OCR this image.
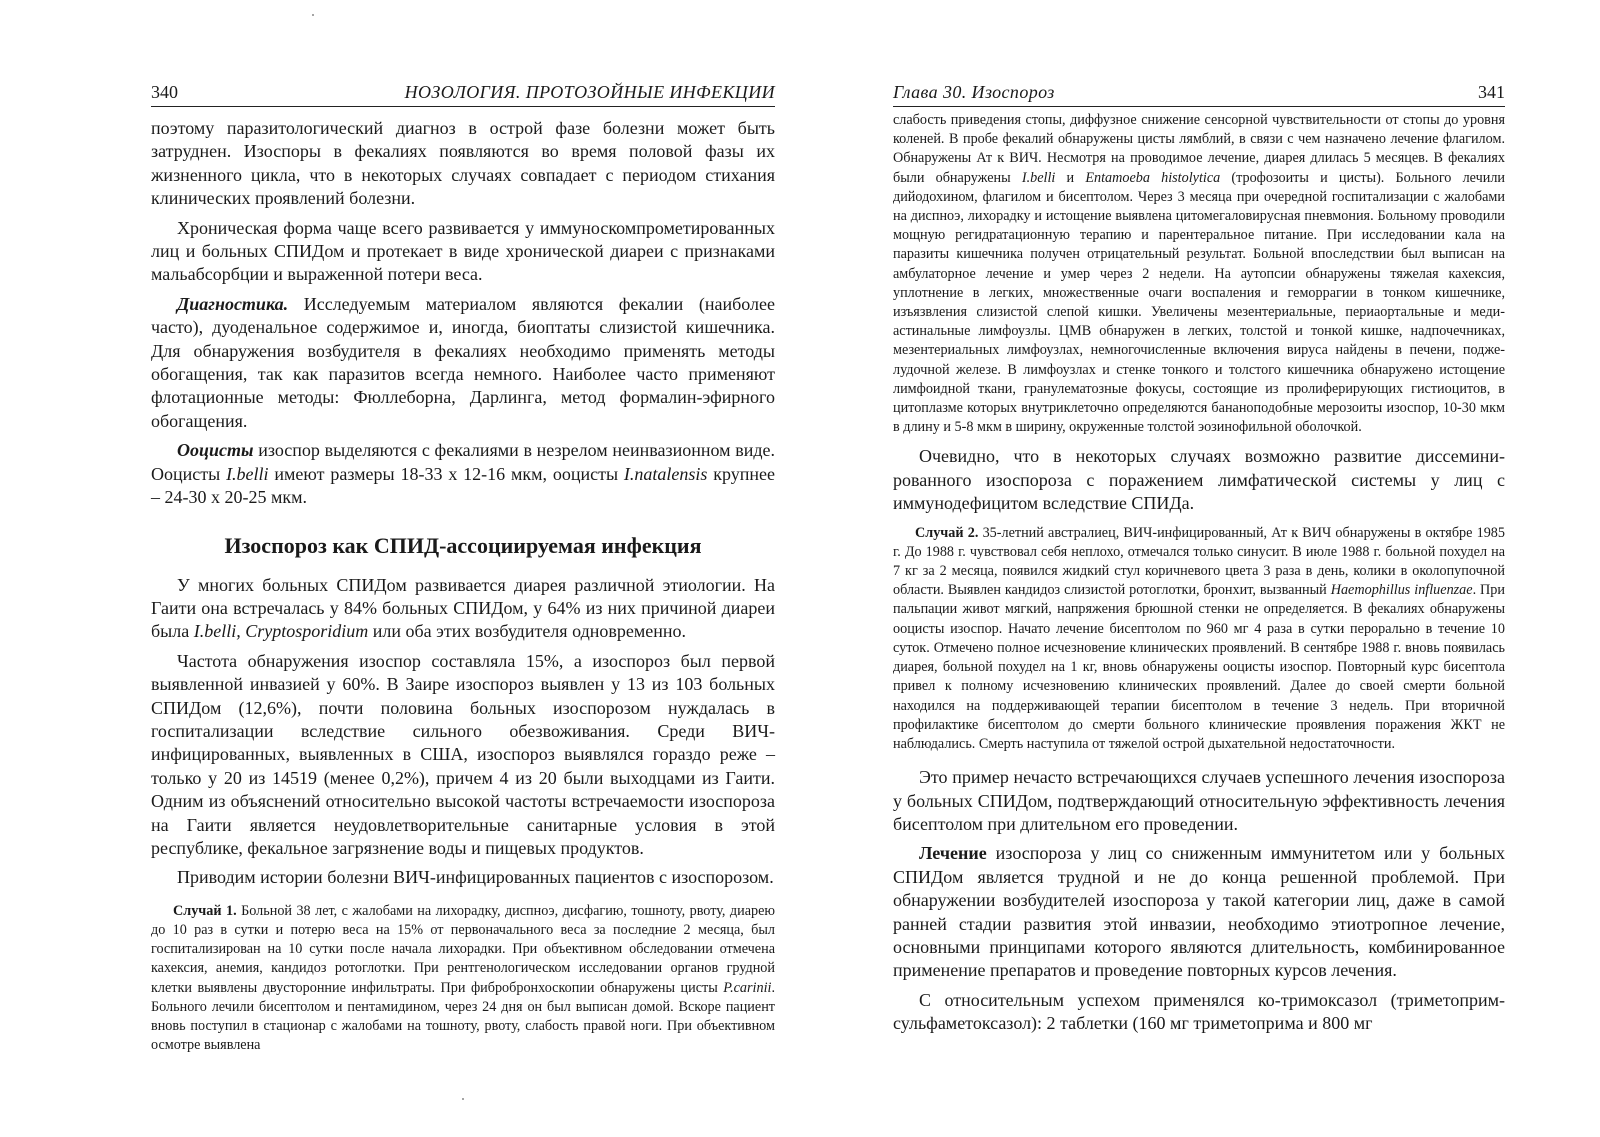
340	НОЗОЛОГИЯ. ПРОТОЗОЙНЫЕ ИНФЕКЦИИ

поэтому паразитологический диагноз в острой фазе болезни может быть затруднен. Изоспоры в фекалиях появляются во время половой фазы их жизненного цикла, что в некоторых случаях совпадает с периодом стихания клинических проявлений болезни.

Хроническая форма чаще всего развивается у иммуноскомпрометированных лиц и больных СПИДом и протекает в виде хронической диареи с признаками мальабсорбции и выраженной потери веса.

Диагностика. Исследуемым материалом являются фекалии (наиболее часто), дуоденальное содержимое и, иногда, биоптаты слизистой кишечника. Для обнаружения возбудителя в фекалиях необходимо применять методы обогащения, так как паразитов всегда немного. Наиболее часто применяют флотационные методы: Фюллеборна, Дарлинга, метод формалин-эфирного обогащения.

Ооцисты изоспор выделяются с фекалиями в незрелом неинвазионном виде. Ооцисты I.belli имеют размеры 18-33 х 12-16 мкм, ооцисты I.natalensis крупнее – 24-30 х 20-25 мкм.

Изоспороз как СПИД-ассоциируемая инфекция

У многих больных СПИДом развивается диарея различной этиологии. На Гаити она встречалась у 84% больных СПИДом, у 64% из них причиной диареи была I.belli, Cryptosporidium или оба этих возбудителя одновременно.

Частота обнаружения изоспор составляла 15%, а изоспороз был первой выявленной инвазией у 60%. В Заире изоспороз выявлен у 13 из 103 больных СПИДом (12,6%), почти половина больных изоспорозом нуждалась в госпитализации вследствие сильного обезвоживания. Среди ВИЧ-инфицированных, выявленных в США, изоспороз выявлялся гораздо реже – только у 20 из 14519 (менее 0,2%), причем 4 из 20 были выходцами из Гаити. Одним из объяснений относительно высокой частоты встречаемости изоспороза на Гаити является неудовлетворительные санитарные условия в этой республике, фекальное загрязнение воды и пищевых продуктов.

Приводим истории болезни ВИЧ-инфицированных пациентов с изоспорозом.

Случай 1. Больной 38 лет, с жалобами на лихорадку, диспноэ, дисфагию, тошноту, рвоту, диарею до 10 раз в сутки и потерю веса на 15% от первоначального веса за последние 2 месяца, был госпитализирован на 10 сутки после начала лихорадки. При объективном обследовании отмечена кахексия, анемия, кандидоз ротоглотки. При рентгенологическом исследовании органов грудной клетки выявлены двусторонние инфильтраты. При фибробронхоскопии обнаружены цисты P.carinii. Больного лечили бисептолом и пентамидином, через 24 дня он был выписан домой. Вскоре пациент вновь поступил в стационар с жалобами на тошноту, рвоту, слабость правой ноги. При объективном осмотре выявлена

Глава 30. Изоспороз	341

слабость приведения стопы, диффузное снижение сенсорной чувствительности от стопы до уровня коленей. В пробе фекалий обнаружены цисты лямблий, в связи с чем назначено лечение флагилом. Обнаружены Ат к ВИЧ. Несмотря на проводимое лечение, диарея длилась 5 месяцев. В фекалиях были обнаружены I.belli и Entamoeba histolytica (трофозоиты и цисты). Больного лечили дийодохином, флагилом и бисептолом. Через 3 месяца при очередной госпитализации с жалобами на диспноэ, лихорадку и истощение выявлена цитомегаловирусная пневмония. Больному проводили мощную регидратационную терапию и парентеральное питание. При исследовании кала на паразиты кишечника получен отрицательный результат. Больной впоследствии был выписан на амбулаторное лечение и умер через 2 недели. На аутопсии обнаружены тяжелая кахексия, уплотнение в легких, множественные очаги воспаления и геморрагии в тонком кишечнике, изъязвления слизистой слепой кишки. Увеличены мезентериальные, периаортальные и медиастинальные лимфоузлы. ЦМВ обнаружен в легких, толстой и тонкой кишке, надпочечниках, мезентериальных лимфоузлах, немногочисленные включения вируса найдены в печени, поджелудочной железе. В лимфоузлах и стенке тонкого и толстого кишечника обнаружено истощение лимфоидной ткани, гранулематозные фокусы, состоящие из пролиферирующих гистиоцитов, в цитоплазме которых внутриклеточно определяются бананоподобные мерозоиты изоспор, 10-30 мкм в длину и 5-8 мкм в ширину, окруженные толстой эозинофильной оболочкой.

Очевидно, что в некоторых случаях возможно развитие диссеминированного изоспороза с поражением лимфатической системы у лиц с иммунодефицитом вследствие СПИДа.

Случай 2. 35-летний австралиец, ВИЧ-инфицированный, Ат к ВИЧ обнаружены в октябре 1985 г. До 1988 г. чувствовал себя неплохо, отмечался только синусит. В июле 1988 г. больной похудел на 7 кг за 2 месяца, появился жидкий стул коричневого цвета 3 раза в день, колики в околопупочной области. Выявлен кандидоз слизистой ротоглотки, бронхит, вызванный Haemophillus influenzae. При пальпации живот мягкий, напряжения брюшной стенки не определяется. В фекалиях обнаружены ооцисты изоспор. Начато лечение бисептолом по 960 мг 4 раза в сутки перорально в течение 10 суток. Отмечено полное исчезновение клинических проявлений. В сентябре 1988 г. вновь появилась диарея, больной похудел на 1 кг, вновь обнаружены ооцисты изоспор. Повторный курс бисептола привел к полному исчезновению клинических проявлений. Далее до своей смерти больной находился на поддерживающей терапии бисептолом в течение 3 недель. При вторичной профилактике бисептолом до смерти больного клинические проявления поражения ЖКТ не наблюдались. Смерть наступила от тяжелой острой дыхательной недостаточности.

Это пример нечасто встречающихся случаев успешного лечения изоспороза у больных СПИДом, подтверждающий относительную эффективность лечения бисептолом при длительном его проведении.

Лечение изоспороза у лиц со сниженным иммунитетом или у больных СПИДом является трудной и не до конца решенной проблемой. При обнаружении возбудителей изоспороза у такой категории лиц, даже в самой ранней стадии развития этой инвазии, необходимо этиотропное лечение, основными принципами которого являются длительность, комбинированное применение препаратов и проведение повторных курсов лечения.

С относительным успехом применялся ко-тримоксазол (триметоприм-сульфаметоксазол): 2 таблетки (160 мг триметоприма и 800 мг
